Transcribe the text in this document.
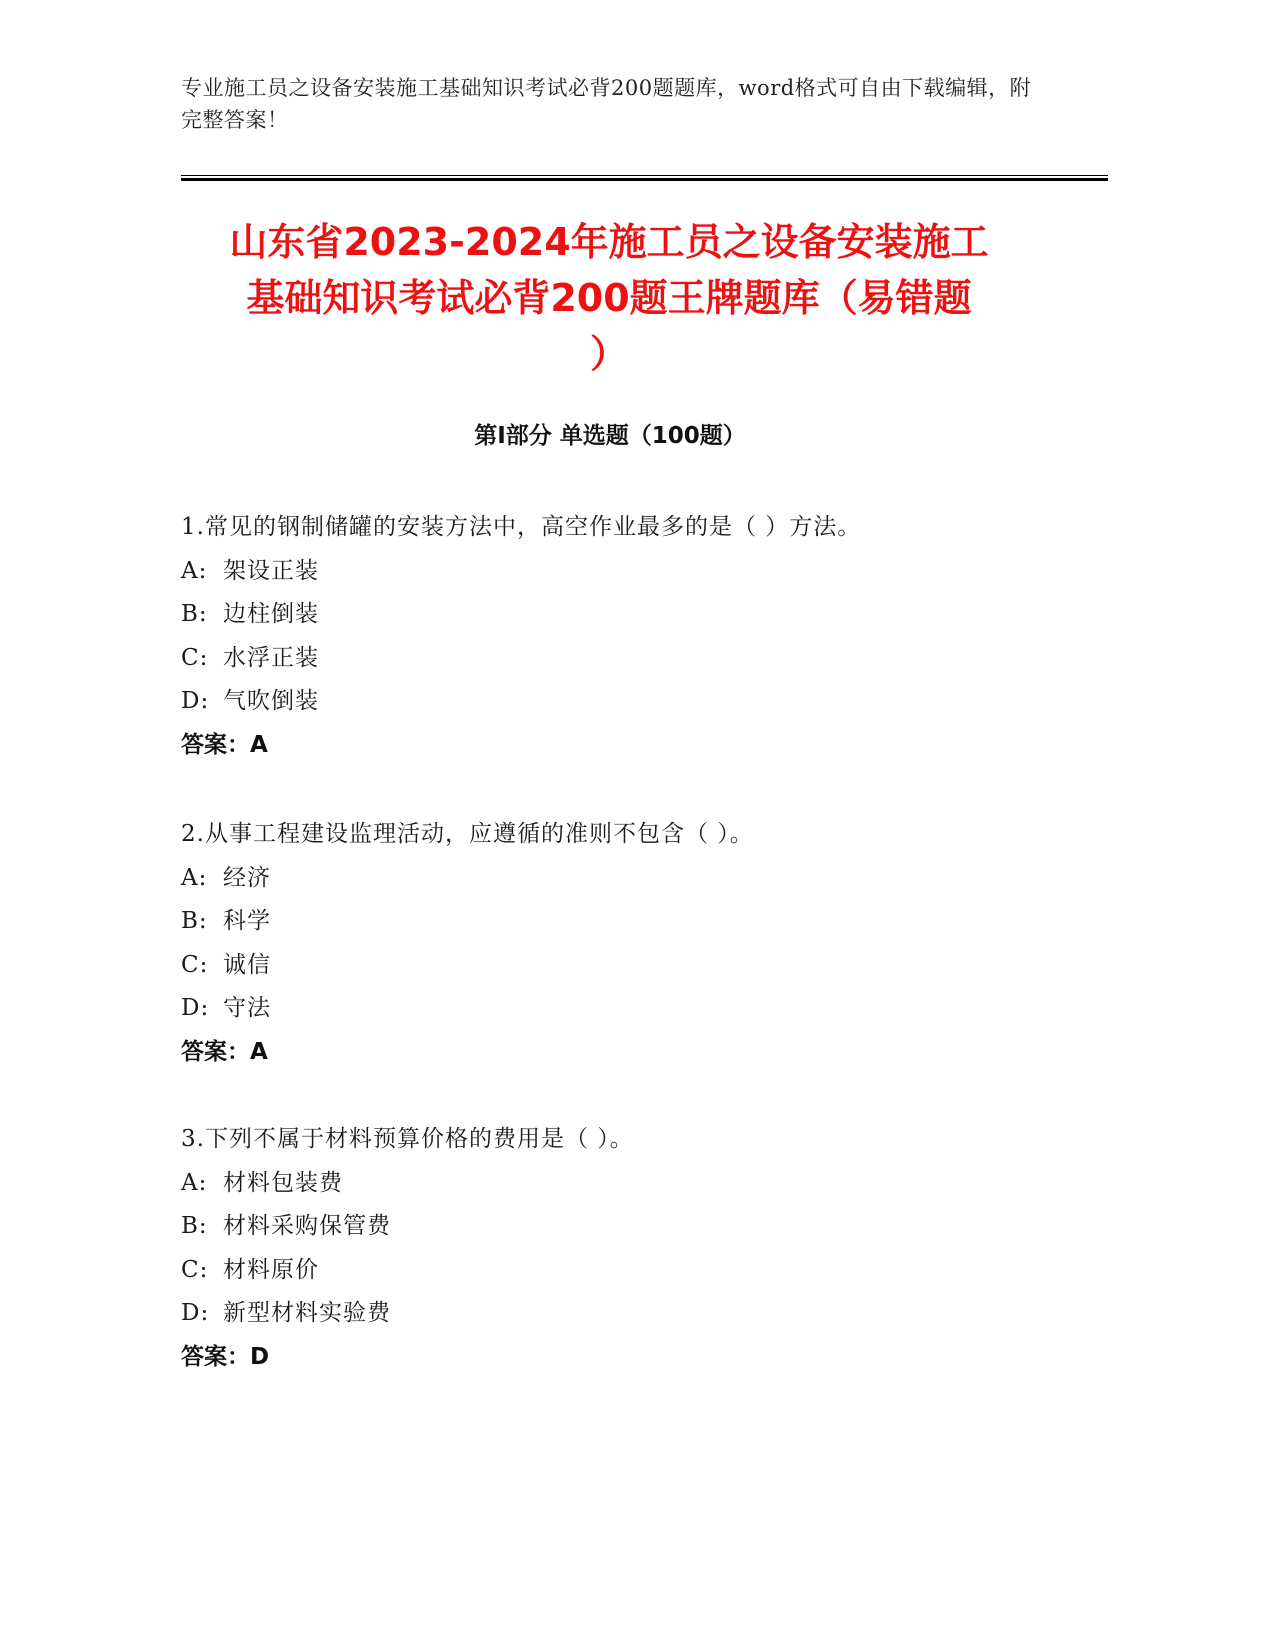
专业施工员之设备安装施工基础知识考试必背200题题库，word格式可自由下载编辑，附完整答案！
山东省2023-2024年施工员之设备安装施工
基础知识考试必背200题王牌题库（易错题
）
第Ⅰ部分 单选题（100题）
1.常见的钢制储罐的安装方法中，高空作业最多的是（ ）方法。
A: 架设正装
B: 边柱倒装
C: 水浮正装
D: 气吹倒装
答案：A
2.从事工程建设监理活动，应遵循的准则不包含（ ）。
A: 经济
B: 科学
C: 诚信
D: 守法
答案：A
3.下列不属于材料预算价格的费用是（ ）。
A: 材料包装费
B: 材料采购保管费
C: 材料原价
D: 新型材料实验费
答案：D
